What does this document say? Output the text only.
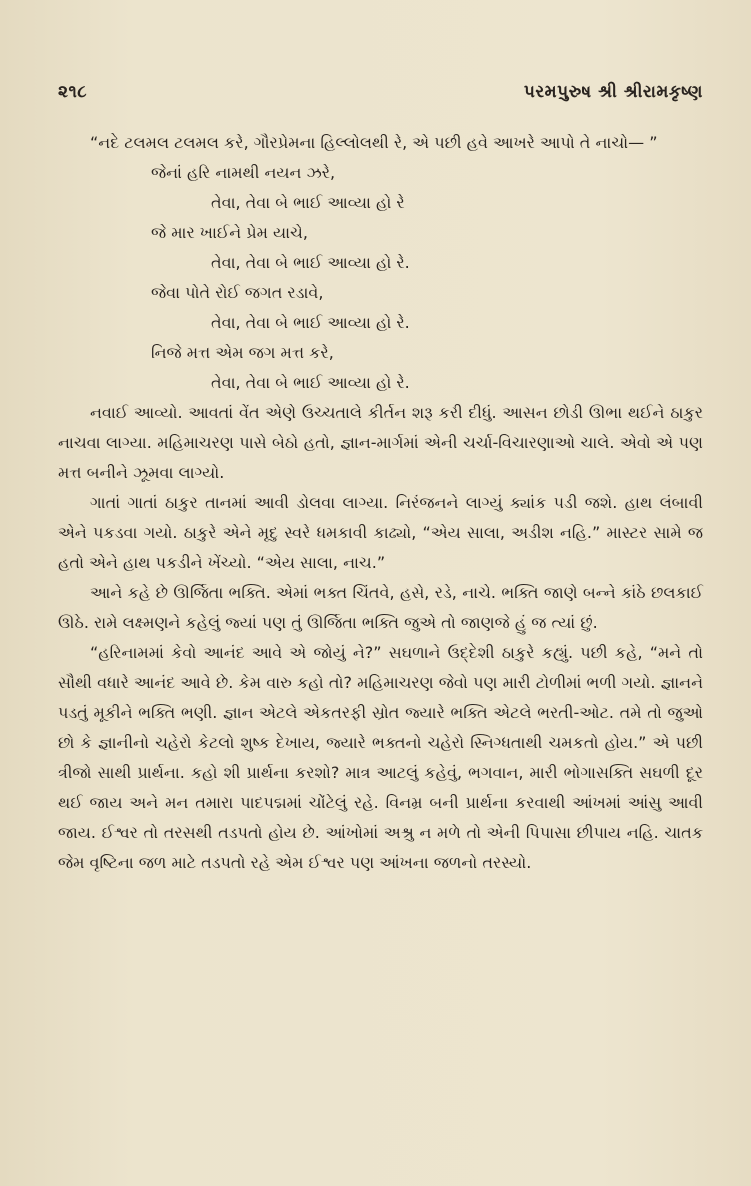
૨૧૮	પરમપુરુષ શ્રી શ્રીરામકૃષ્ણ

“નદે ટલમલ ટલમલ કરે, ગૌરપ્રેમના હિલ્લોલથી રે, એ પછી હવે આખરે આપો તે નાચો— ”

જેનાં હરિ નામથી નયન ઝરે,
તેવા, તેવા બે ભાઈ આવ્યા હો રે
જે માર ખાઈને પ્રેમ યાચે,
તેવા, તેવા બે ભાઈ આવ્યા હો રે.
જેવા પોતે રોઈ જગત રડાવે,
તેવા, તેવા બે ભાઈ આવ્યા હો રે.
નિજે મત્ત એમ જગ મત્ત કરે,
તેવા, તેવા બે ભાઈ આવ્યા હો રે.

નવાઈ આવ્યો. આવતાં વેંત એણે ઉચ્ચતાલે કીર્તન શરૂ કરી દીધું. આસન છોડી ઊભા થઈને ઠાકુર નાચવા લાગ્યા. મહિમાચરણ પાસે બેઠો હતો, જ્ઞાન-માર્ગમાં એની ચર્ચા-વિચારણાઓ ચાલે. એવો એ પણ મત્ત બનીને ઝૂમવા લાગ્યો.

ગાતાં ગાતાં ઠાકુર તાનમાં આવી ડોલવા લાગ્યા. નિરંજનને લાગ્યું ક્યાંક પડી જશે. હાથ લંબાવી એને પકડવા ગયો. ઠાકુરે એને મૃદુ સ્વરે ધમકાવી કાઢ્યો, “એય સાલા, અડીશ નહિ.” માસ્ટર સામે જ હતો એને હાથ પકડીને ખેંચ્યો. “એય સાલા, નાચ.”

આને કહે છે ઊર્જિતા ભક્તિ. એમાં ભક્ત ચિંતવે, હસે, રડે, નાચે. ભક્તિ જાણે બન્ને કાંઠે છલકાઈ ઊઠે. રામે લક્ષ્મણને કહેલું જ્યાં પણ તું ઊર્જિતા ભક્તિ જુએ તો જાણજે હું જ ત્યાં છું.

“હરિનામમાં કેવો આનંદ આવે એ જોયું ને?” સઘળાને ઉદ્દેશી ઠાકુરે કહ્યું. પછી કહે, “મને તો સૌથી વધારે આનંદ આવે છે. કેમ વારુ કહો તો? મહિમાચરણ જેવો પણ મારી ટોળીમાં ભળી ગયો. જ્ઞાનને પડતું મૂકીને ભક્તિ ભણી. જ્ઞાન એટલે એકતરફી સ્રોત જ્યારે ભક્તિ એટલે ભરતી-ઓટ. તમે તો જુઓ છો કે જ્ઞાનીનો ચહેરો કેટલો શુષ્ક દેખાય, જ્યારે ભક્તનો ચહેરો સ્નિગ્ધતાથી ચમકતો હોય.” એ પછી ત્રીજો સાથી પ્રાર્થના. કહો શી પ્રાર્થના કરશો? માત્ર આટલું કહેવું, ભગવાન, મારી ભોગાસક્તિ સઘળી દૂર થઈ જાય અને મન તમારા પાદપદ્મમાં ચોંટેલું રહે. વિનમ્ર બની પ્રાર્થના કરવાથી આંખમાં આંસુ આવી જાય. ઈશ્વર તો તરસથી તડપતો હોય છે. આંખોમાં અશ્રુ ન મળે તો એની પિપાસા છીપાય નહિ. ચાતક જેમ વૃષ્ટિના જળ માટે તડપતો રહે એમ ઈશ્વર પણ આંખના જળનો તરસ્યો.
